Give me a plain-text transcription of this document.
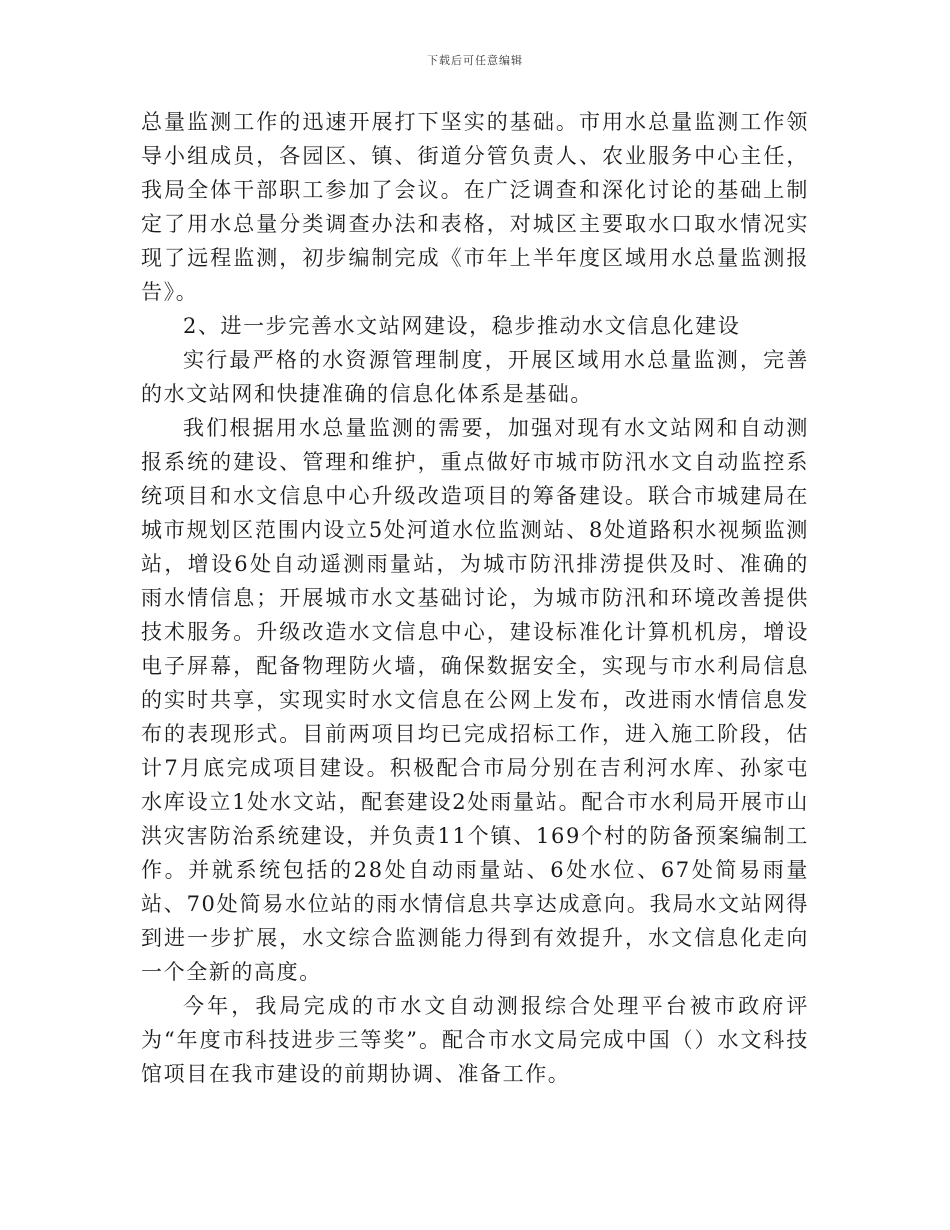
下载后可任意编辑

总量监测工作的迅速开展打下坚实的基础。市用水总量监测工作领导小组成员，各园区、镇、街道分管负责人、农业服务中心主任，我局全体干部职工参加了会议。在广泛调查和深化讨论的基础上制定了用水总量分类调查办法和表格，对城区主要取水口取水情况实现了远程监测，初步编制完成《市年上半年度区域用水总量监测报告》。

2、进一步完善水文站网建设，稳步推动水文信息化建设

实行最严格的水资源管理制度，开展区域用水总量监测，完善的水文站网和快捷准确的信息化体系是基础。

我们根据用水总量监测的需要，加强对现有水文站网和自动测报系统的建设、管理和维护，重点做好市城市防汛水文自动监控系统项目和水文信息中心升级改造项目的筹备建设。联合市城建局在城市规划区范围内设立5处河道水位监测站、8处道路积水视频监测站，增设6处自动遥测雨量站，为城市防汛排涝提供及时、准确的雨水情信息；开展城市水文基础讨论，为城市防汛和环境改善提供技术服务。升级改造水文信息中心，建设标准化计算机机房，增设电子屏幕，配备物理防火墙，确保数据安全，实现与市水利局信息的实时共享，实现实时水文信息在公网上发布，改进雨水情信息发布的表现形式。目前两项目均已完成招标工作，进入施工阶段，估计7月底完成项目建设。积极配合市局分别在吉利河水库、孙家屯水库设立1处水文站，配套建设2处雨量站。配合市水利局开展市山洪灾害防治系统建设，并负责11个镇、169个村的防备预案编制工作。并就系统包括的28处自动雨量站、6处水位、67处简易雨量站、70处简易水位站的雨水情信息共享达成意向。我局水文站网得到进一步扩展，水文综合监测能力得到有效提升，水文信息化走向一个全新的高度。

今年，我局完成的市水文自动测报综合处理平台被市政府评为“年度市科技进步三等奖”。配合市水文局完成中国（）水文科技馆项目在我市建设的前期协调、准备工作。
